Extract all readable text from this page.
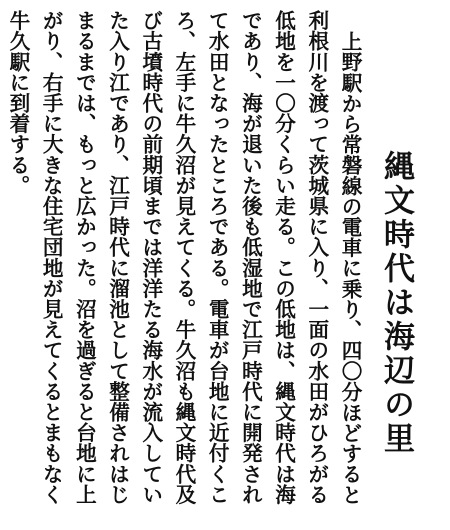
縄文時代は海辺の里

上野駅から常磐線の電車に乗り、四〇分ほどすると利根川を渡って茨城県に入り、一面の水田がひろがる低地を一〇分くらい走る。この低地は、縄文時代は海であり、海が退いた後も低湿地で江戸時代に開発されて水田となったところである。電車が台地に近付くころ、左手に牛久沼が見えてくる。牛久沼も縄文時代及び古墳時代の前期頃までは洋洋たる海水が流入していた入り江であり、江戸時代に溜池として整備されはじまるまでは、もっと広かった。沼を過ぎると台地に上がり、右手に大きな住宅団地が見えてくるとまもなく牛久駅に到着する。
